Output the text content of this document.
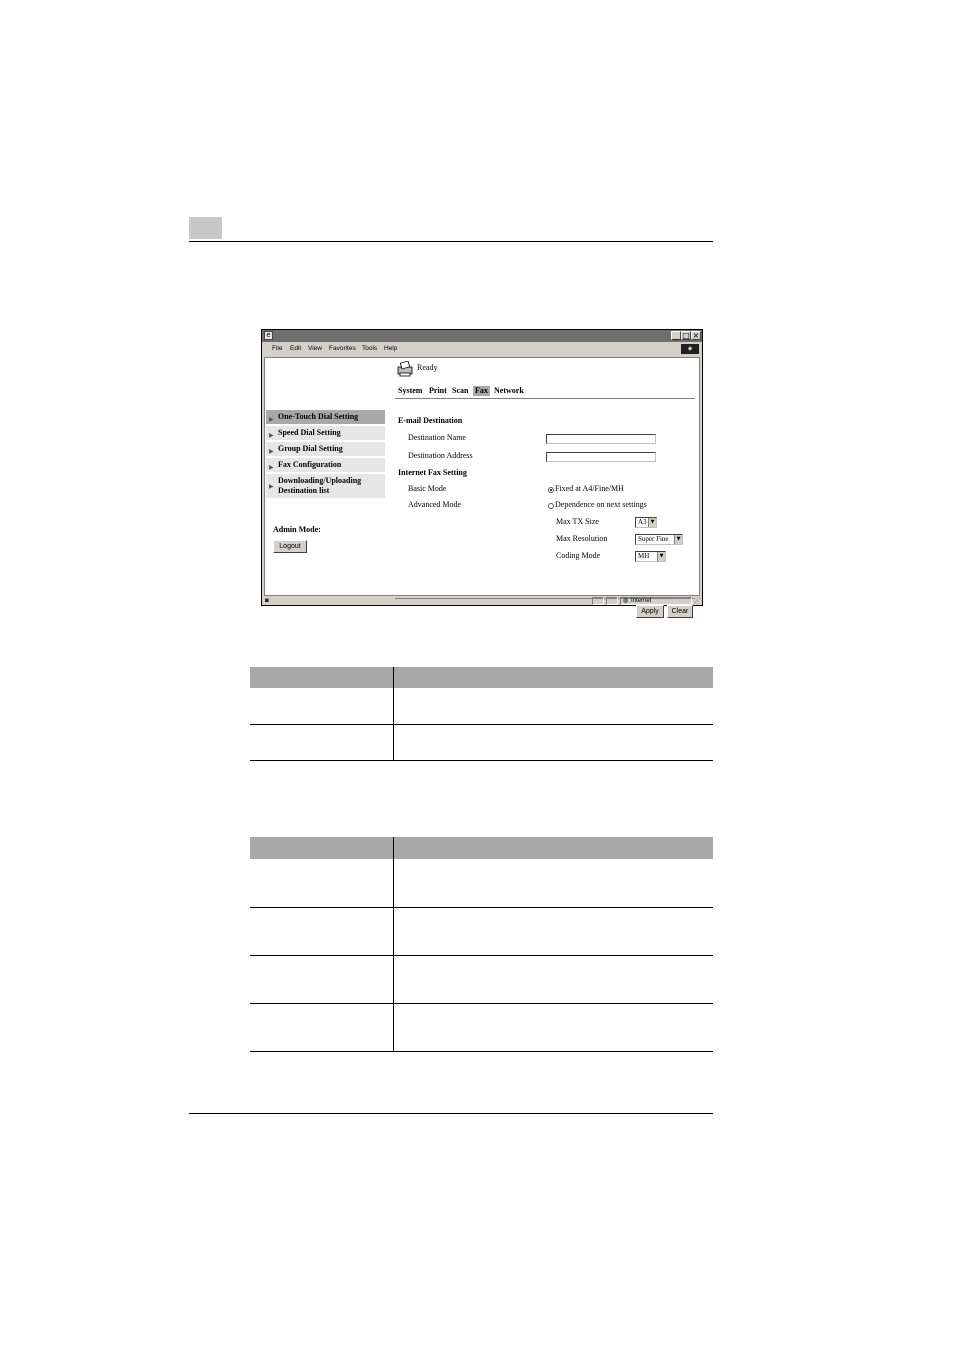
e	_ □ ×
File Edit View Favorites Tools Help	◈
Ready
System Print Scan Fax Network
▶ One-Touch Dial Setting
▶ Speed Dial Setting
▶ Group Dial Setting
▶ Fax Configuration
▶
Downloading/Uploading
Destination list
Admin Mode:
Logout
E-mail Destination
Destination Name
Destination Address
Internet Fax Setting
Basic Mode	Fixed at A4/Fine/MH
Advanced Mode	Dependence on next settings
Max TX Size	A3 ▼
Max Resolution	Super Fine	▼
Coding Mode	MH	▼
Apply	Clear
◙	◍ Internet	⋰
